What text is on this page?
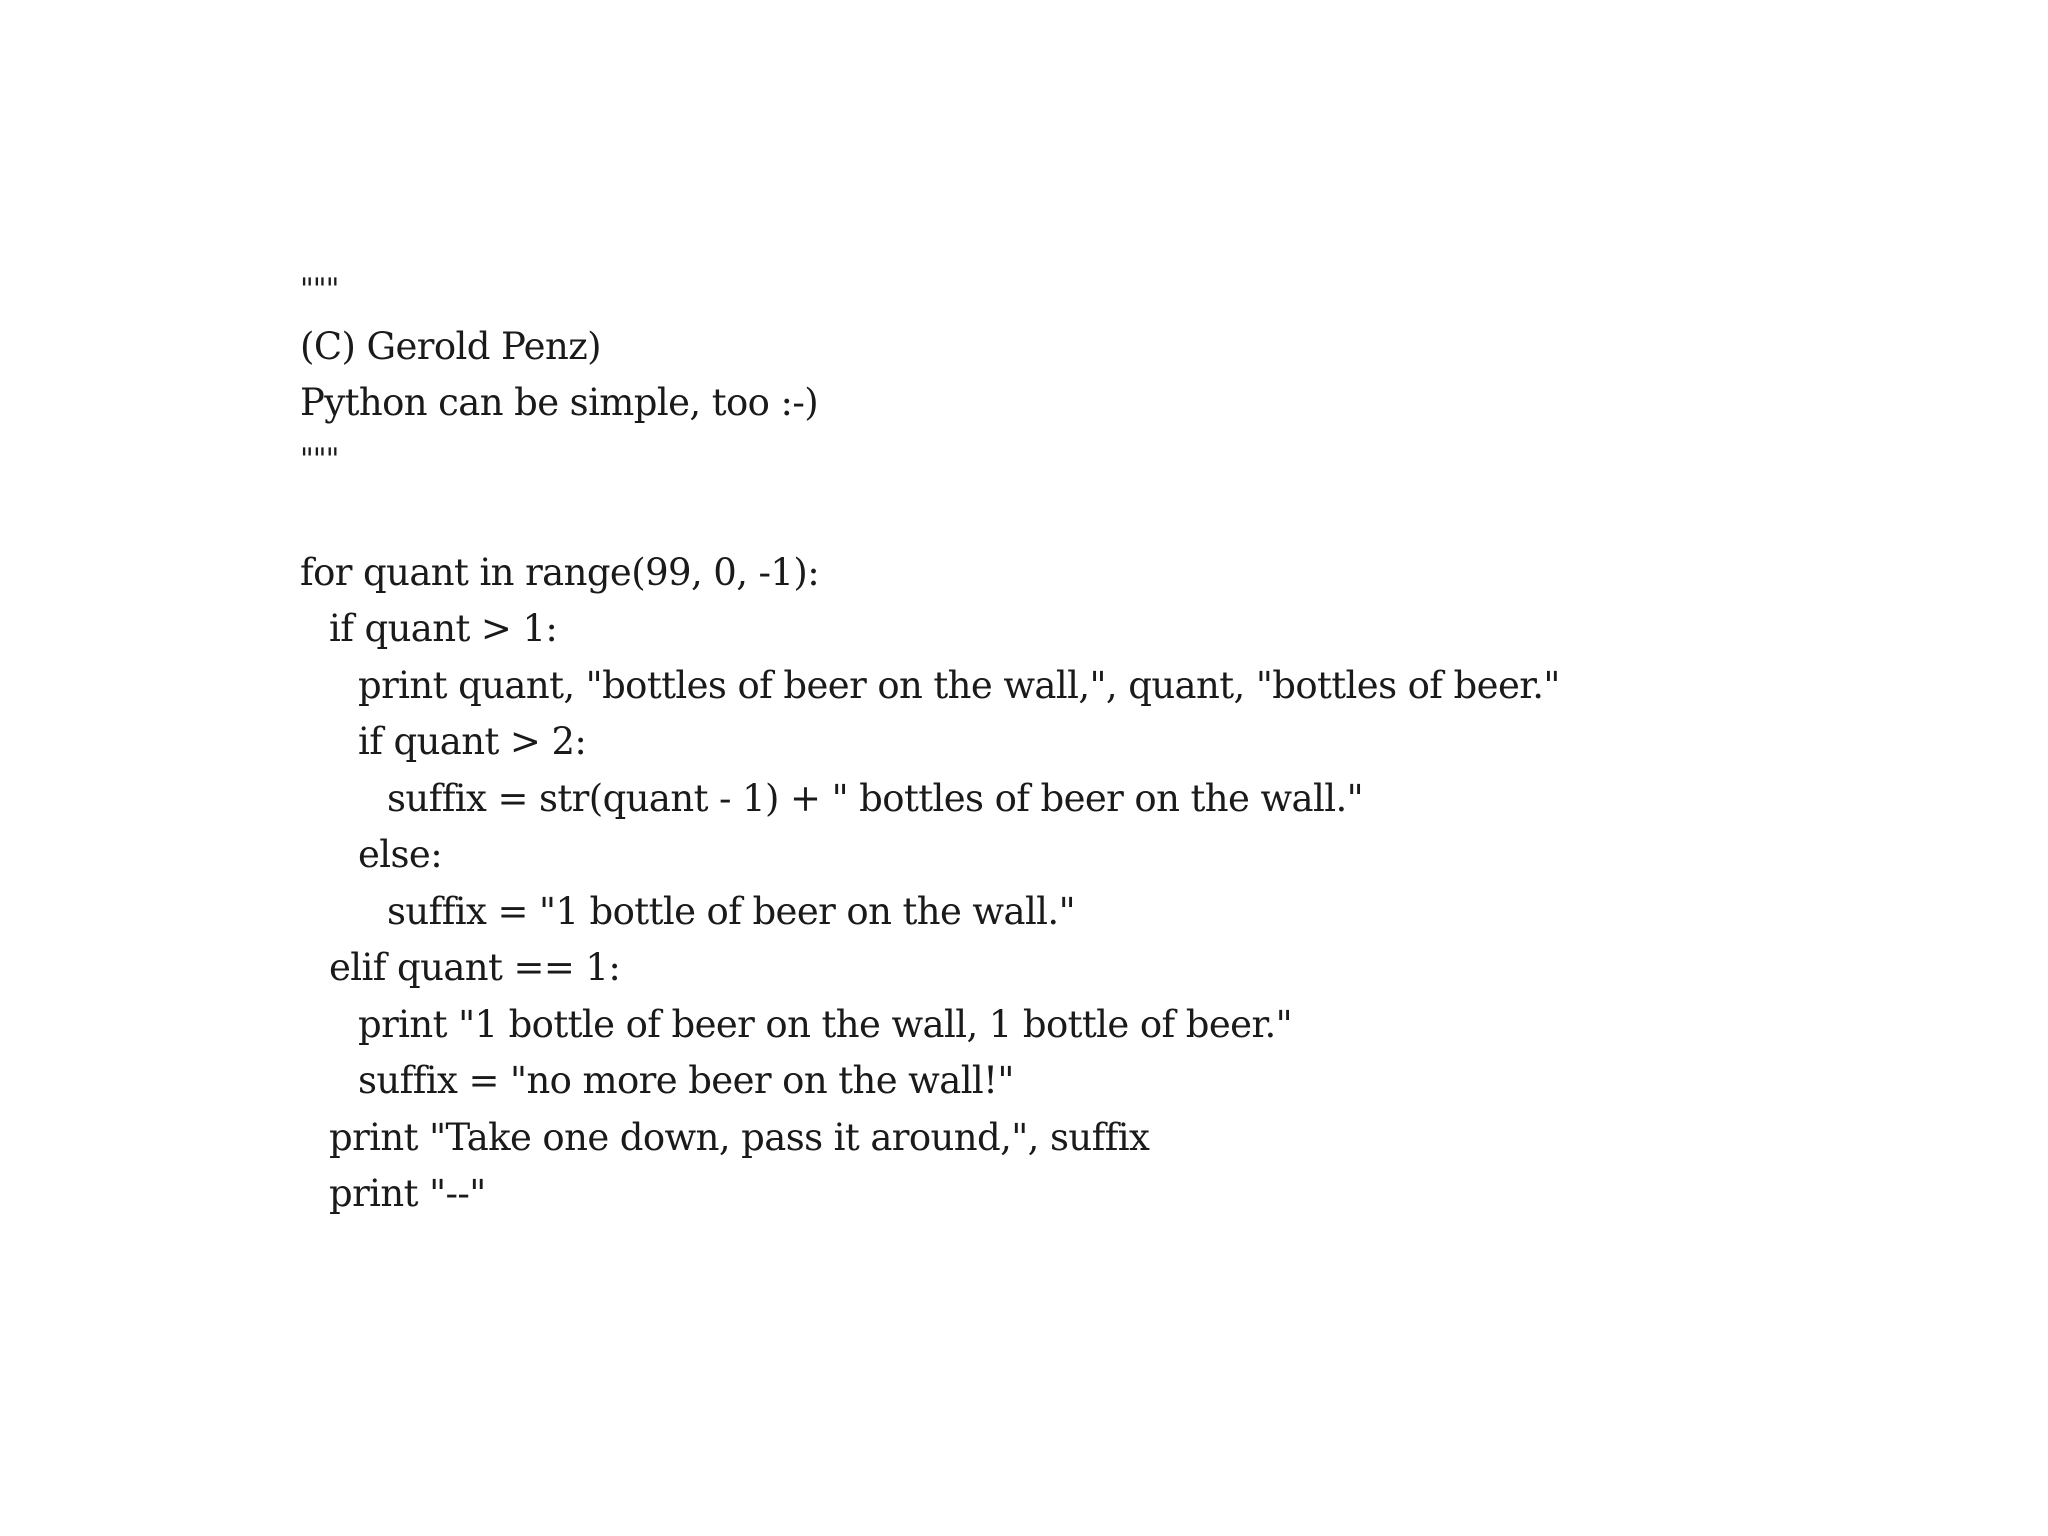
"""
(C) Gerold Penz)
Python can be simple, too :-)
"""
for quant in range(99, 0, -1):
if quant > 1:
print quant, "bottles of beer on the wall,", quant, "bottles of beer."
if quant > 2:
suffix = str(quant - 1) + " bottles of beer on the wall."
else:
suffix = "1 bottle of beer on the wall."
elif quant == 1:
print "1 bottle of beer on the wall, 1 bottle of beer."
suffix = "no more beer on the wall!"
print "Take one down, pass it around,", suffix
print "--"
